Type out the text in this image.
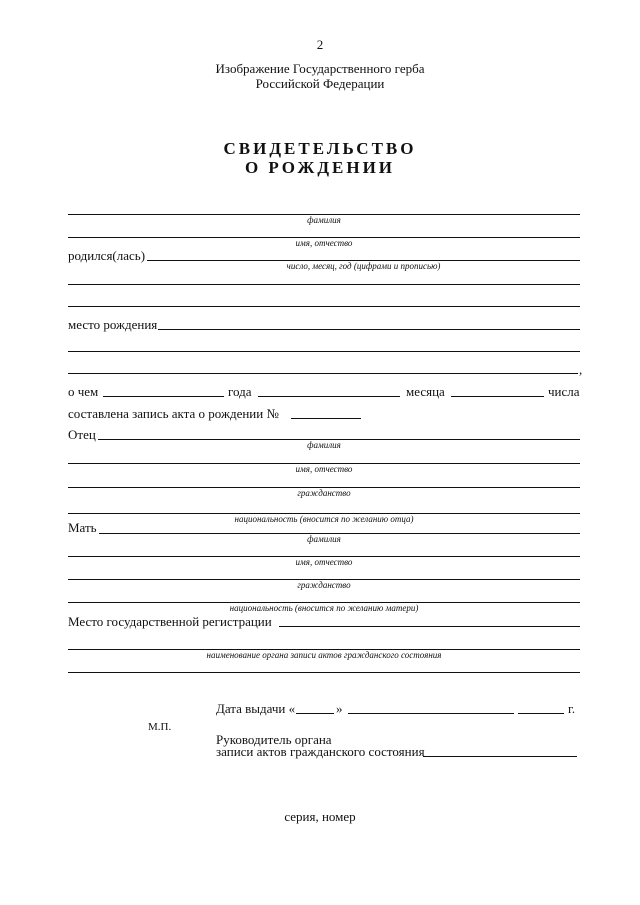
2
Изображение Государственного герба
Российской Федерации
СВИДЕТЕЛЬСТВО
О РОЖДЕНИИ
фамилия
имя, отчество
родился(лась)
число, месяц, год (цифрами и прописью)
место рождения
,
о чем	года	месяца	числа
составлена запись акта о рождении №
Отец
фамилия
имя, отчество
гражданство
национальность (вносится по желанию отца)
Мать
фамилия
имя, отчество
гражданство
национальность (вносится по желанию матери)
Место государственной регистрации
наименование органа записи актов гражданского состояния
Дата выдачи «	»	г.
М.П.
Руководитель органа
записи актов гражданского состояния
серия, номер
